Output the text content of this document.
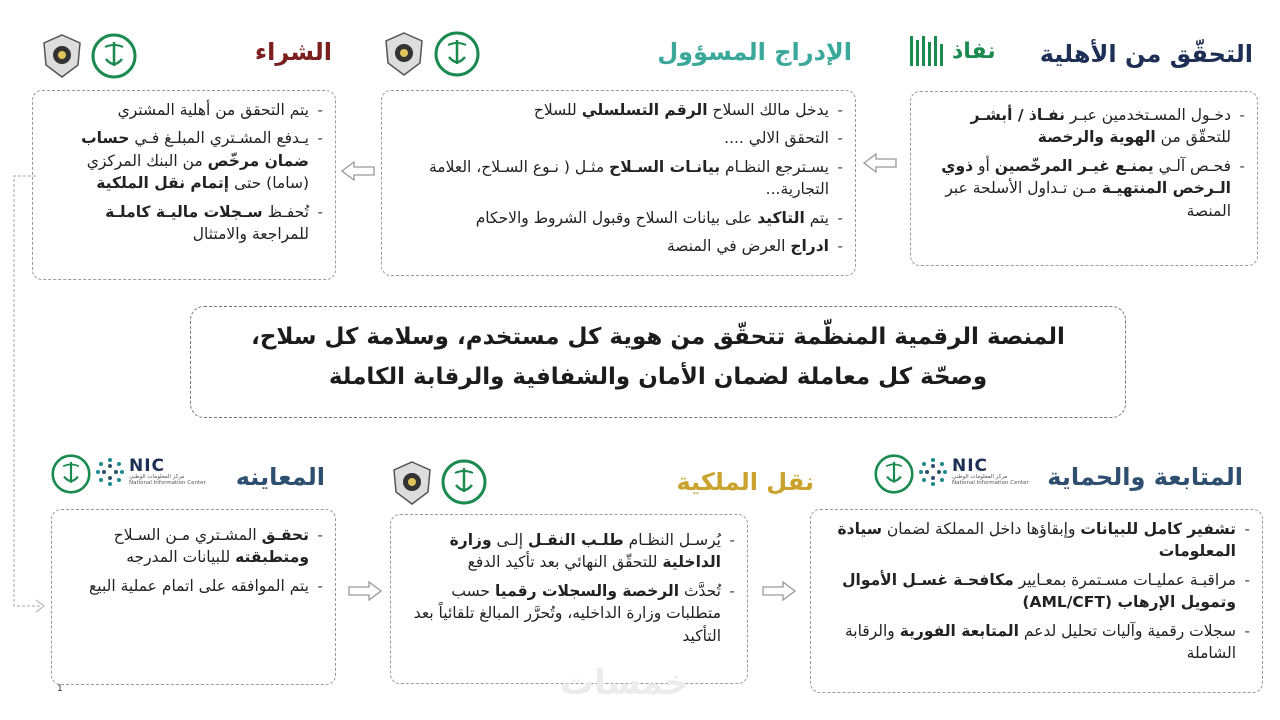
التحقّق من الأهلية
الإدراج المسؤول
الشراء	نفاذ
- دخـول المسـتخدمين عبـر نفـاذ / أبشـر للتحقّق من الهوية والرخصة
- فحـص آلـي يمنـع غيـر المرخّصين أو ذوي الـرخص المنتهيـة مـن تـداول الأسلحة عبر المنصة
- يدخل مالك السلاح الرقم التسلسلي للسلاح
- التحقق الالي ....
- يسـترجع النظـام بيانـات السـلاح مثـل ( نـوع السـلاح، العلامة التجارية...
- يتم التاكيد على بيانات السلاح وقبول الشروط والاحكام
- ادراج العرض في المنصة
- يتم التحقق من أهلية المشتري
- يـدفع المشـتري المبلـغ فـي حساب ضمان مرخّص من البنك المركزي (ساما) حتى إتمام نقل الملكية
- تُحفـظ سـجلات ماليـة كاملـة للمراجعة والامتثال
المنصة الرقمية المنظّمة تتحقّق من هوية كل مستخدم، وسلامة كل سلاح،
وصحّة كل معاملة لضمان الأمان والشفافية والرقابة الكاملة
المتابعة والحماية
نقل الملكية
المعاينه	NIC
مركز المعلومات الوطني
National Information Center
NIC
مركز المعلومات الوطني
National Information Center
- تشفير كامل للبيانات وإبقاؤها داخل المملكة لضمان سيادة المعلومات
- مراقبـة عمليـات مسـتمرة بمعـايير مكافحـة غسـل الأموال وتمويل الإرهاب (AML/CFT)
- سجلات رقمية وآليات تحليل لدعم المتابعة الفورية والرقابة الشاملة
- يُرسـل النظـام طلـب النقـل إلـى وزارة الداخلية للتحقّق النهائي بعد تأكيد الدفع
- تُحدَّث الرخصة والسجلات رقميا حسب متطلبات وزارة الداخليه، وتُحرَّر المبالغ تلقائياً بعد التأكيد
- تحقـق المشـتري مـن السـلاح ومتطبقته للبيانات المدرجه
- يتم الموافقه على اتمام عملية البيع
1	خمسات
